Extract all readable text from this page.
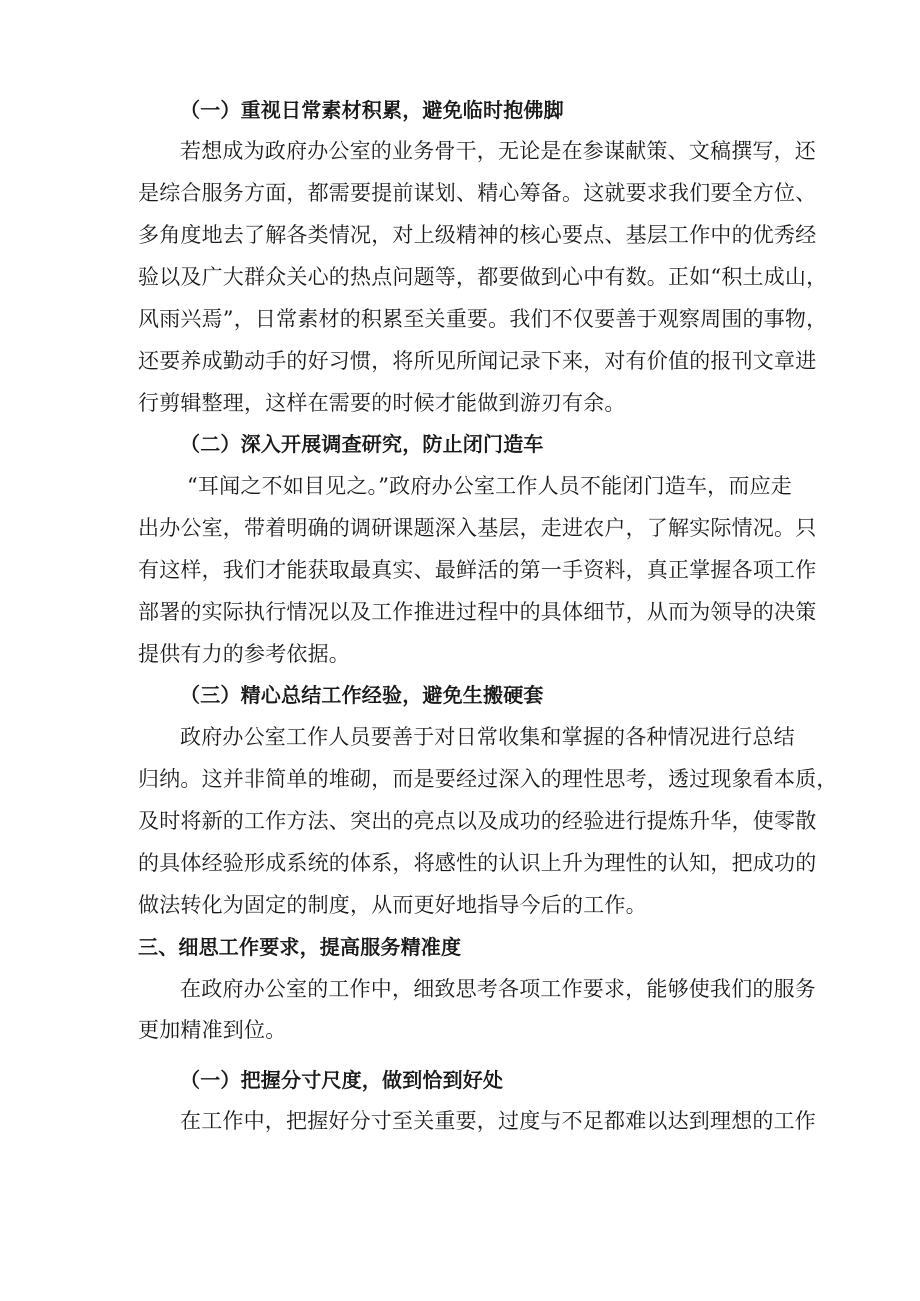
（一）重视日常素材积累，避免临时抱佛脚
若想成为政府办公室的业务骨干，无论是在参谋献策、文稿撰写，还
是综合服务方面，都需要提前谋划、精心筹备。这就要求我们要全方位、
多角度地去了解各类情况，对上级精神的核心要点、基层工作中的优秀经
验以及广大群众关心的热点问题等，都要做到心中有数。正如“积土成山，
风雨兴焉”，日常素材的积累至关重要。我们不仅要善于观察周围的事物，
还要养成勤动手的好习惯，将所见所闻记录下来，对有价值的报刊文章进
行剪辑整理，这样在需要的时候才能做到游刃有余。
（二）深入开展调查研究，防止闭门造车
“耳闻之不如目见之。”政府办公室工作人员不能闭门造车，而应走
出办公室，带着明确的调研课题深入基层，走进农户，了解实际情况。只
有这样，我们才能获取最真实、最鲜活的第一手资料，真正掌握各项工作
部署的实际执行情况以及工作推进过程中的具体细节，从而为领导的决策
提供有力的参考依据。
（三）精心总结工作经验，避免生搬硬套
政府办公室工作人员要善于对日常收集和掌握的各种情况进行总结
归纳。这并非简单的堆砌，而是要经过深入的理性思考，透过现象看本质，
及时将新的工作方法、突出的亮点以及成功的经验进行提炼升华，使零散
的具体经验形成系统的体系，将感性的认识上升为理性的认知，把成功的
做法转化为固定的制度，从而更好地指导今后的工作。
三、细思工作要求，提高服务精准度
在政府办公室的工作中，细致思考各项工作要求，能够使我们的服务
更加精准到位。
（一）把握分寸尺度，做到恰到好处
在工作中，把握好分寸至关重要，过度与不足都难以达到理想的工作
